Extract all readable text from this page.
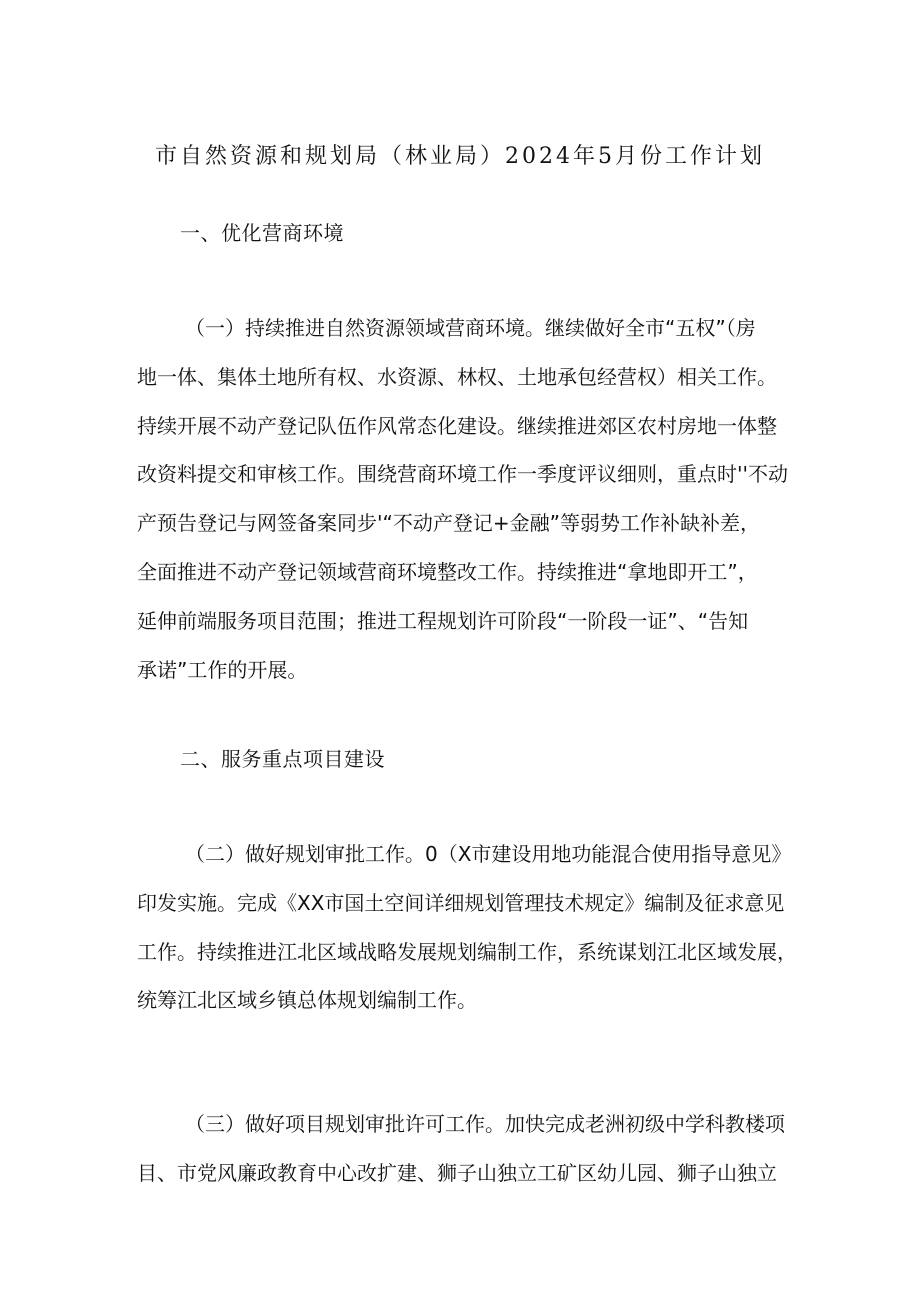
市自然资源和规划局（林业局）2024年5月份工作计划
一、优化营商环境
（一）持续推进自然资源领域营商环境。继续做好全市“五权”（房
地一体、集体土地所有权、水资源、林权、土地承包经营权）相关工作。
持续开展不动产登记队伍作风常态化建设。继续推进郊区农村房地一体整
改资料提交和审核工作。围绕营商环境工作一季度评议细则，重点时''不动
产预告登记与网签备案同步'“不动产登记+金融”等弱势工作补缺补差，
全面推进不动产登记领域营商环境整改工作。持续推进“拿地即开工”，
延伸前端服务项目范围；推进工程规划许可阶段“一阶段一证”、“告知
承诺”工作的开展。
二、服务重点项目建设
（二）做好规划审批工作。0（X市建设用地功能混合使用指导意见》
印发实施。完成《XX市国土空间详细规划管理技术规定》编制及征求意见
工作。持续推进江北区域战略发展规划编制工作，系统谋划江北区域发展，
统筹江北区域乡镇总体规划编制工作。
（三）做好项目规划审批许可工作。加快完成老洲初级中学科教楼项
目、市党风廉政教育中心改扩建、狮子山独立工矿区幼儿园、狮子山独立
